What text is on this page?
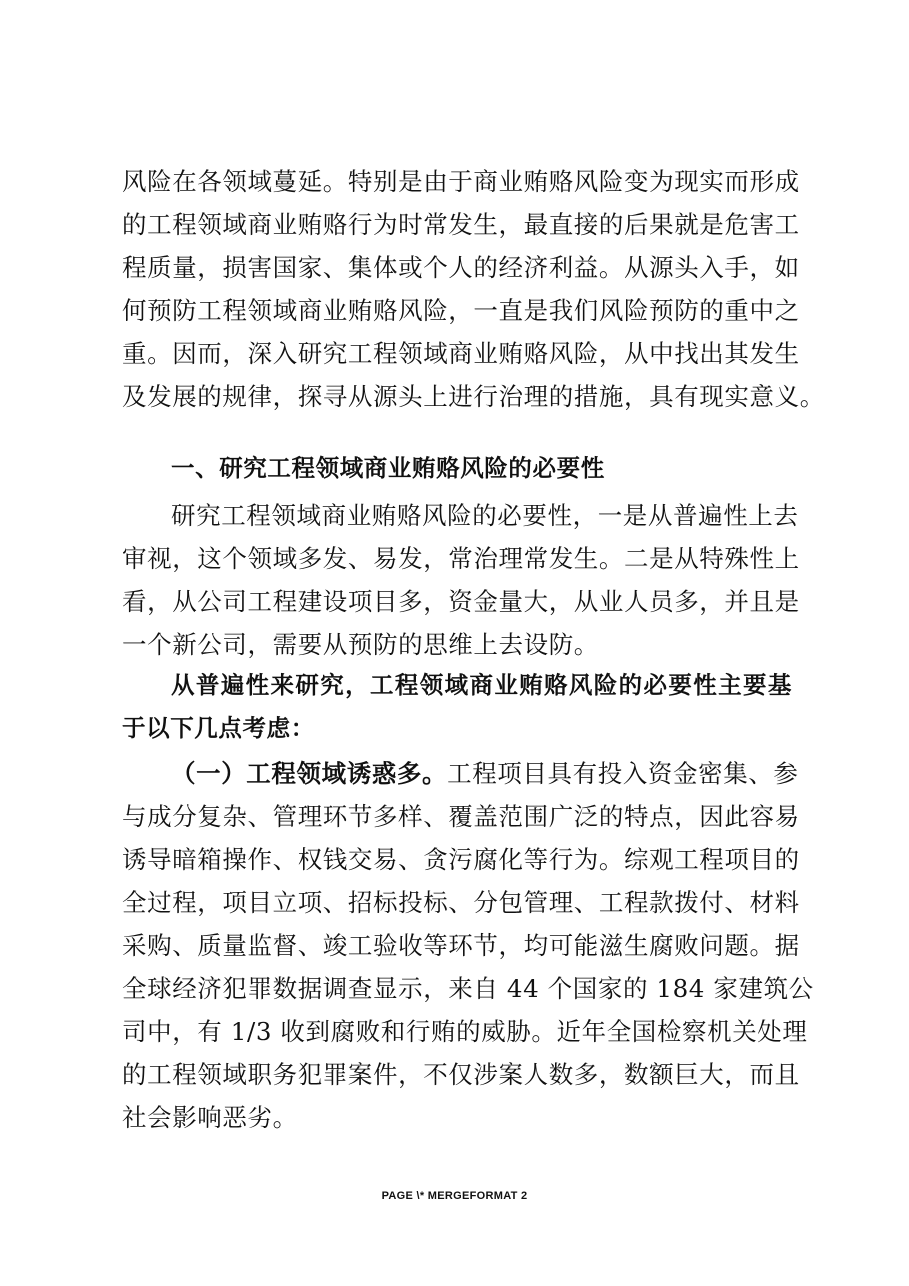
风险在各领域蔓延。特别是由于商业贿赂风险变为现实而形成
的工程领域商业贿赂行为时常发生，最直接的后果就是危害工
程质量，损害国家、集体或个人的经济利益。从源头入手，如
何预防工程领域商业贿赂风险，一直是我们风险预防的重中之
重。因而，深入研究工程领域商业贿赂风险，从中找出其发生
及发展的规律，探寻从源头上进行治理的措施，具有现实意义。
一、研究工程领域商业贿赂风险的必要性
研究工程领域商业贿赂风险的必要性，一是从普遍性上去
审视，这个领域多发、易发，常治理常发生。二是从特殊性上
看，从公司工程建设项目多，资金量大，从业人员多，并且是
一个新公司，需要从预防的思维上去设防。
从普遍性来研究，工程领域商业贿赂风险的必要性主要基
于以下几点考虑：
（一）工程领域诱惑多。工程项目具有投入资金密集、参
与成分复杂、管理环节多样、覆盖范围广泛的特点，因此容易
诱导暗箱操作、权钱交易、贪污腐化等行为。综观工程项目的
全过程，项目立项、招标投标、分包管理、工程款拨付、材料
采购、质量监督、竣工验收等环节，均可能滋生腐败问题。据
全球经济犯罪数据调查显示，来自 44 个国家的 184 家建筑公
司中，有 1/3 收到腐败和行贿的威胁。近年全国检察机关处理
的工程领域职务犯罪案件，不仅涉案人数多，数额巨大，而且
社会影响恶劣。
PAGE \* MERGEFORMAT 2
